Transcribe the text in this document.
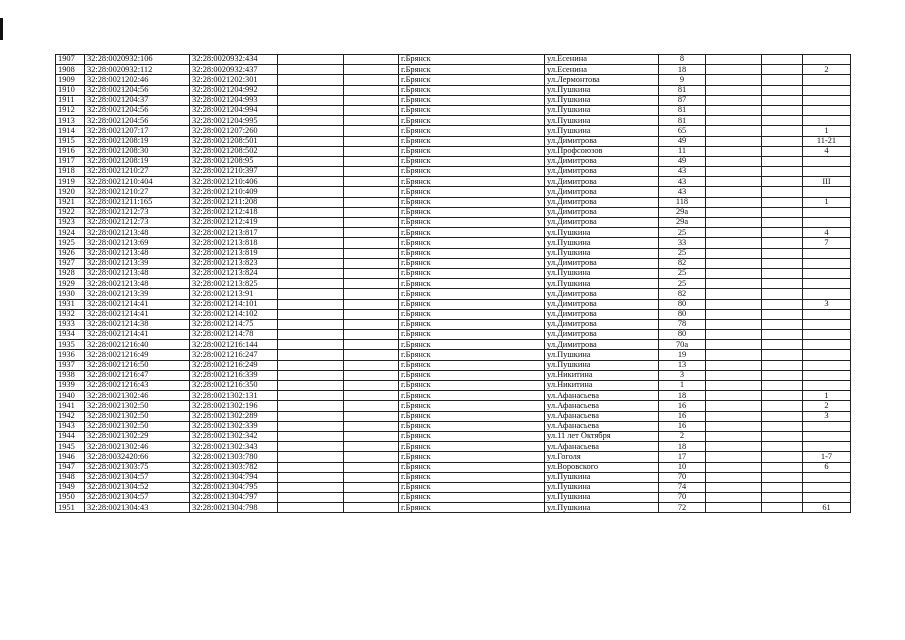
1907	32:28:0020932:106	32:28:0020932:434			г.Брянск	ул.Есенина	8			
1908	32:28:0020932:112	32:28:0020932:437			г.Брянск	ул.Есенина	18			2
1909	32:28:0021202:46	32:28:0021202:301			г.Брянск	ул.Лермонтова	9			
1910	32:28:0021204:56	32:28:0021204:992			г.Брянск	ул.Пушкина	81			
1911	32:28:0021204:37	32:28:0021204:993			г.Брянск	ул.Пушкина	87			
1912	32:28:0021204:56	32:28:0021204:994			г.Брянск	ул.Пушкина	81			
1913	32:28:0021204:56	32:28:0021204:995			г.Брянск	ул.Пушкина	81			
1914	32:28:0021207:17	32:28:0021207:260			г.Брянск	ул.Пушкина	65			1
1915	32:28:0021208:19	32:28:0021208:501			г.Брянск	ул.Димитрова	49			11-21
1916	32:28:0021208:30	32:28:0021208:502			г.Брянск	ул.Профсоюзов	11			4
1917	32:28:0021208:19	32:28:0021208:95			г.Брянск	ул.Димитрова	49			
1918	32:28:0021210:27	32:28:0021210:397			г.Брянск	ул.Димитрова	43			
1919	32:28:0021210:404	32:28:0021210:406			г.Брянск	ул.Димитрова	43			III
1920	32:28:0021210:27	32:28:0021210:409			г.Брянск	ул.Димитрова	43			
1921	32:28:0021211:165	32:28:0021211:208			г.Брянск	ул.Димитрова	118			1
1922	32:28:0021212:73	32:28:0021212:418			г.Брянск	ул.Димитрова	29а			
1923	32:28:0021212:73	32:28:0021212:419			г.Брянск	ул.Димитрова	29а			
1924	32:28:0021213:48	32:28:0021213:817			г.Брянск	ул.Пушкина	25			4
1925	32:28:0021213:69	32:28:0021213:818			г.Брянск	ул.Пушкина	33			7
1926	32:28:0021213:48	32:28:0021213:819			г.Брянск	ул.Пушкина	25			
1927	32:28:0021213:39	32:28:0021213:823			г.Брянск	ул.Димитрова	82			
1928	32:28:0021213:48	32:28:0021213:824			г.Брянск	ул.Пушкина	25			
1929	32:28:0021213:48	32:28:0021213:825			г.Брянск	ул.Пушкина	25			
1930	32:28:0021213:39	32:28:0021213:91			г.Брянск	ул.Димитрова	82			
1931	32:28:0021214:41	32:28:0021214:101			г.Брянск	ул.Димитрова	80			3
1932	32:28:0021214:41	32:28:0021214:102			г.Брянск	ул.Димитрова	80			
1933	32:28:0021214:38	32:28:0021214:75			г.Брянск	ул.Димитрова	78			
1934	32:28:0021214:41	32:28:0021214:78			г.Брянск	ул.Димитрова	80			
1935	32:28:0021216:40	32:28:0021216:144			г.Брянск	ул.Димитрова	70а			
1936	32:28:0021216:49	32:28:0021216:247			г.Брянск	ул.Пушкина	19			
1937	32:28:0021216:50	32:28:0021216:249			г.Брянск	ул.Пушкина	13			
1938	32:28:0021216:47	32:28:0021216:339			г.Брянск	ул.Никитина	3			
1939	32:28:0021216:43	32:28:0021216:350			г.Брянск	ул.Никитина	1			
1940	32:28:0021302:46	32:28:0021302:131			г.Брянск	ул.Афанасьева	18			1
1941	32:28:0021302:50	32:28:0021302:196			г.Брянск	ул.Афанасьева	16			2
1942	32:28:0021302:50	32:28:0021302:289			г.Брянск	ул.Афанасьева	16			3
1943	32:28:0021302:50	32:28:0021302:339			г.Брянск	ул.Афанасьева	16			
1944	32:28:0021302:29	32:28:0021302:342			г.Брянск	ул.11 лет Октября	2			
1945	32:28:0021302:46	32:28:0021302:343			г.Брянск	ул.Афанасьева	18			
1946	32:28:0032420:66	32:28:0021303:780			г.Брянск	ул.Гоголя	17			1-7
1947	32:28:0021303:75	32:28:0021303:782			г.Брянск	ул.Воровского	10			6
1948	32:28:0021304:57	32:28:0021304:794			г.Брянск	ул.Пушкина	70			
1949	32:28:0021304:52	32:28:0021304:795			г.Брянск	ул.Пушкина	74			
1950	32:28:0021304:57	32:28:0021304:797			г.Брянск	ул.Пушкина	70			
1951	32:28:0021304:43	32:28:0021304:798			г.Брянск	ул.Пушкина	72			61
